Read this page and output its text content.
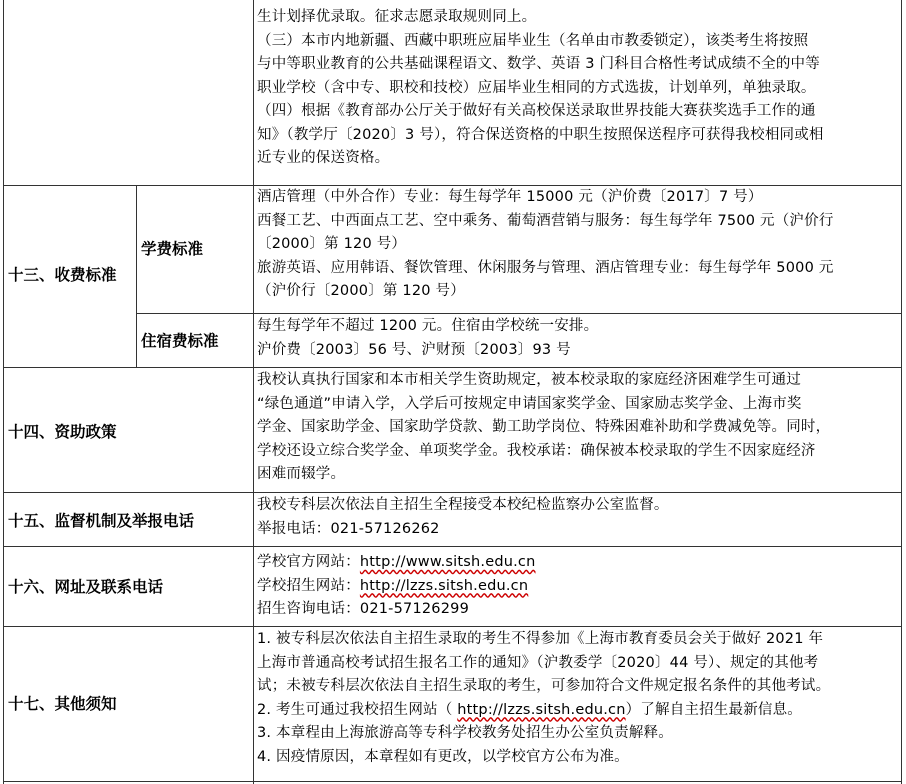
生计划择优录取。征求志愿录取规则同上。
（三）本市内地新疆、西藏中职班应届毕业生（名单由市教委锁定），该类考生将按照
与中等职业教育的公共基础课程语文、数学、英语 3 门科目合格性考试成绩不全的中等
职业学校（含中专、职校和技校）应届毕业生相同的方式选拔，计划单列，单独录取。
（四）根据《教育部办公厅关于做好有关高校保送录取世界技能大赛获奖选手工作的通
知》（教学厅〔2020〕3 号），符合保送资格的中职生按照保送程序可获得我校相同或相
近专业的保送资格。
十三、收费标准
学费标准
酒店管理（中外合作）专业：每生每学年 15000 元（沪价费〔2017〕7 号）
西餐工艺、中西面点工艺、空中乘务、葡萄酒营销与服务：每生每学年 7500 元（沪价行
〔2000〕第 120 号）
旅游英语、应用韩语、餐饮管理、休闲服务与管理、酒店管理专业：每生每学年 5000 元
（沪价行〔2000〕第 120 号）
住宿费标准
每生每学年不超过 1200 元。住宿由学校统一安排。
沪价费〔2003〕56 号、沪财预〔2003〕93 号
十四、资助政策
我校认真执行国家和本市相关学生资助规定，被本校录取的家庭经济困难学生可通过
“绿色通道”申请入学，入学后可按规定申请国家奖学金、国家励志奖学金、上海市奖
学金、国家助学金、国家助学贷款、勤工助学岗位、特殊困难补助和学费减免等。同时，
学校还设立综合奖学金、单项奖学金。我校承诺：确保被本校录取的学生不因家庭经济
困难而辍学。
十五、监督机制及举报电话
我校专科层次依法自主招生全程接受本校纪检监察办公室监督。
举报电话：021-57126262
十六、网址及联系电话
学校官方网站：http://www.sitsh.edu.cn
学校招生网站：http://lzzs.sitsh.edu.cn
招生咨询电话：021-57126299
十七、其他须知
1. 被专科层次依法自主招生录取的考生不得参加《上海市教育委员会关于做好 2021 年
上海市普通高校考试招生报名工作的通知》（沪教委学〔2020〕44 号）、规定的其他考
试；未被专科层次依法自主招生录取的考生，可参加符合文件规定报名条件的其他考试。
2. 考生可通过我校招生网站（ http://lzzs.sitsh.edu.cn）了解自主招生最新信息。
3. 本章程由上海旅游高等专科学校教务处招生办公室负责解释。
4. 因疫情原因，本章程如有更改，以学校官方公布为准。
